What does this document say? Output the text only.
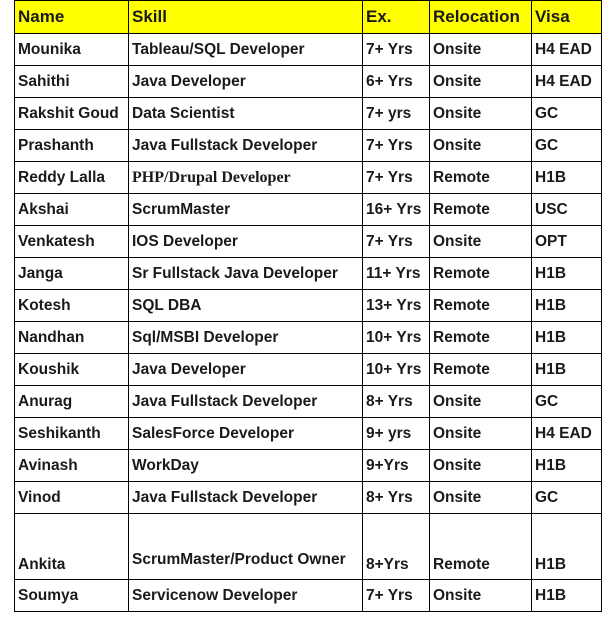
Name	Skill	Ex.	Relocation	Visa
Mounika	Tableau/SQL Developer	7+ Yrs	Onsite	H4 EAD
Sahithi	Java Developer	6+ Yrs	Onsite	H4 EAD
Rakshit Goud	Data Scientist	7+ yrs	Onsite	GC
Prashanth	Java Fullstack Developer	7+ Yrs	Onsite	GC
Reddy Lalla	PHP/Drupal Developer	7+ Yrs	Remote	H1B
Akshai	ScrumMaster	16+ Yrs	Remote	USC
Venkatesh	IOS Developer	7+ Yrs	Onsite	OPT
Janga	Sr Fullstack Java Developer	11+ Yrs	Remote	H1B
Kotesh	SQL DBA	13+ Yrs	Remote	H1B
Nandhan	Sql/MSBI Developer	10+ Yrs	Remote	H1B
Koushik	Java Developer	10+ Yrs	Remote	H1B
Anurag	Java Fullstack Developer	8+ Yrs	Onsite	GC
Seshikanth	SalesForce Developer	9+ yrs	Onsite	H4 EAD
Avinash	WorkDay	9+Yrs	Onsite	H1B
Vinod	Java Fullstack Developer	8+ Yrs	Onsite	GC
Ankita	ScrumMaster/Product Owner	8+Yrs	Remote	H1B
Soumya	Servicenow Developer	7+ Yrs	Onsite	H1B
